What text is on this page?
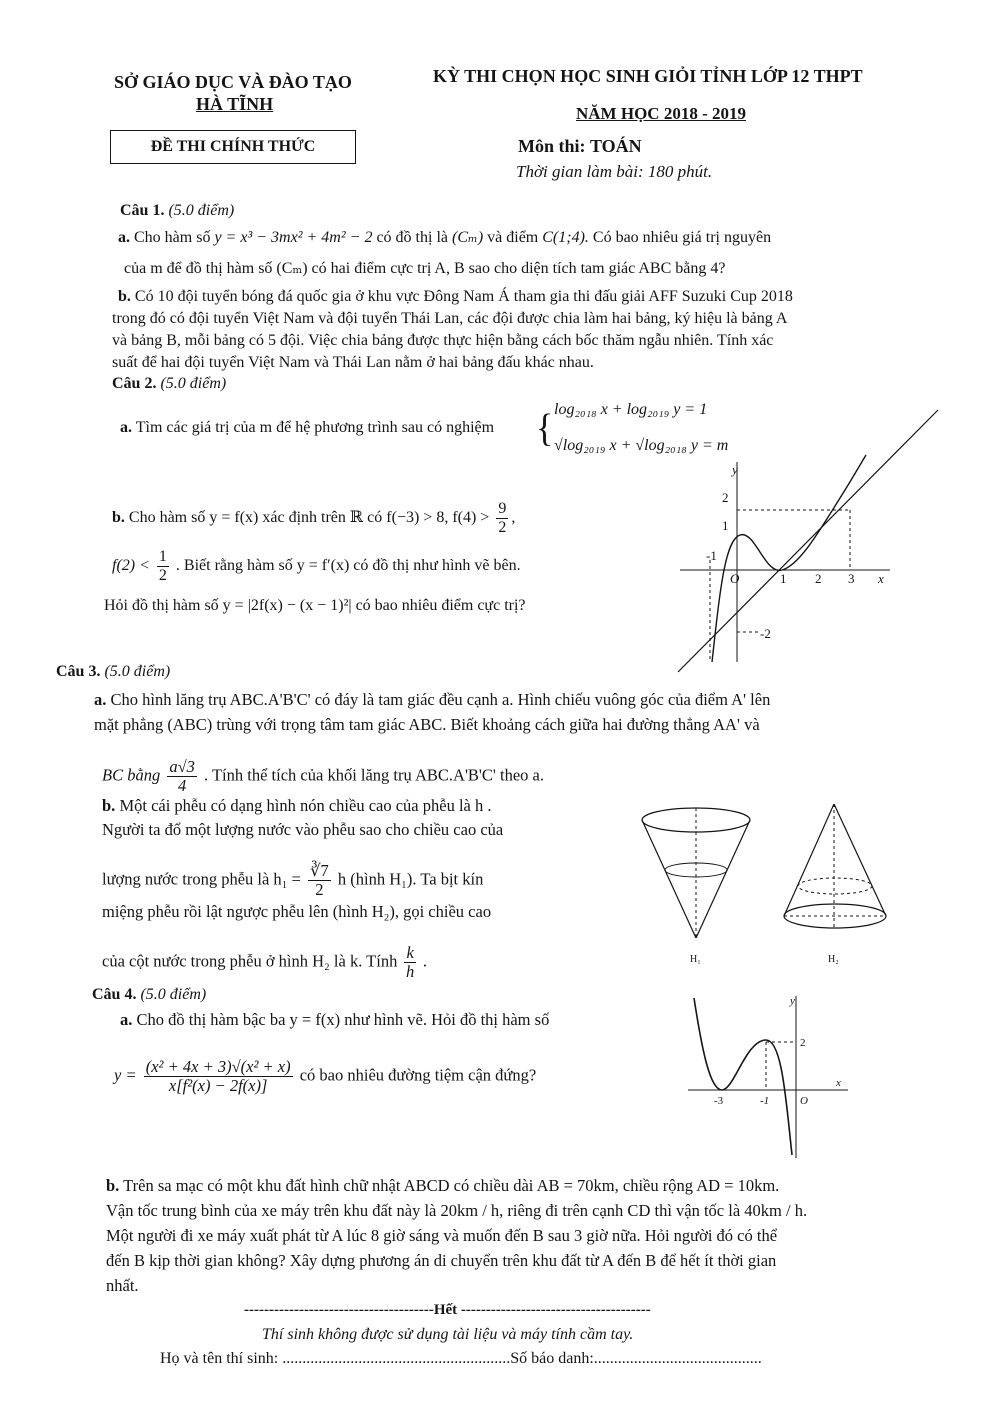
SỞ GIÁO DỤC VÀ ĐÀO TẠO
HÀ TĨNH
ĐỀ THI CHÍNH THỨC
KỲ THI CHỌN HỌC SINH GIỎI TỈNH LỚP 12 THPT
NĂM HỌC 2018 - 2019
Môn thi: TOÁN
Thời gian làm bài: 180 phút.
Câu 1. (5.0 điểm)
a. Cho hàm số y = x³ − 3mx² + 4m² − 2 có đồ thị là (Cₘ) và điểm C(1;4). Có bao nhiêu giá trị nguyên
của m để đồ thị hàm số (Cₘ) có hai điểm cực trị A, B sao cho diện tích tam giác ABC bằng 4?
b. Có 10 đội tuyển bóng đá quốc gia ở khu vực Đông Nam Á tham gia thi đấu giải AFF Suzuki Cup 2018
trong đó có đội tuyển Việt Nam và đội tuyển Thái Lan, các đội được chia làm hai bảng, ký hiệu là bảng A
và bảng B, mỗi bảng có 5 đội. Việc chia bảng được thực hiện bằng cách bốc thăm ngẫu nhiên. Tính xác
suất để hai đội tuyển Việt Nam và Thái Lan nằm ở hai bảng đấu khác nhau.
Câu 2. (5.0 điểm)
a. Tìm các giá trị của m để hệ phương trình sau có nghiệm { log₂₀₁₈ x + log₂₀₁₉ y = 1
√log₂₀₁₉ x + √log₂₀₁₈ y = m
b. Cho hàm số y = f(x) xác định trên ℝ có f(−3) > 8, $f(4) > \frac{9}{2}$ ,
$f(2) < \frac{1}{2}$ . Biết rằng hàm số y = f′(x) có đồ thị như hình vẽ bên.
Hỏi đồ thị hàm số y = |2f(x) − (x − 1)²| có bao nhiêu điểm cực trị?
y
x
O
-1
1 2 3
2
1
-2
Câu 3. (5.0 điểm)
a. Cho hình lăng trụ ABC.A'B'C' có đáy là tam giác đều cạnh a. Hình chiếu vuông góc của điểm A' lên
mặt phẳng (ABC) trùng với trọng tâm tam giác ABC. Biết khoảng cách giữa hai đường thẳng AA' và
BC bằng $\frac{a√3}{4}$ . Tính thể tích của khối lăng trụ ABC.A'B'C' theo a.
b. Một cái phễu có dạng hình nón chiều cao của phễu là h .
Người ta đổ một lượng nước vào phễu sao cho chiều cao của
lượng nước trong phễu là $h_1 = \frac{∛7}{2}$ h (hình H₁). Ta bịt kín
miệng phễu rồi lật ngược phễu lên (hình H₂), gọi chiều cao
của cột nước trong phễu ở hình H₂ là k. Tính $\frac{k}{h}$ .	H₁	H₂
Câu 4. (5.0 điểm)
a. Cho đồ thị hàm bậc ba y = f(x) như hình vẽ. Hỏi đồ thị hàm số
$y = \frac{\text{(x² + 4x + 3)√(x² + x)}}{\text{x[f²(x) − 2f(x)]}}$ có bao nhiêu đường tiệm cận đứng?
y
x
O
-3	-1
2
b. Trên sa mạc có một khu đất hình chữ nhật ABCD có chiều dài AB = 70km, chiều rộng AD = 10km.
Vận tốc trung bình của xe máy trên khu đất này là 20km / h, riêng đi trên cạnh CD thì vận tốc là 40km / h.
Một người đi xe máy xuất phát từ A lúc 8 giờ sáng và muốn đến B sau 3 giờ nữa. Hỏi người đó có thể
đến B kịp thời gian không? Xây dựng phương án di chuyển trên khu đất từ A đến B để hết ít thời gian
nhất.
--------------------------------------Hết --------------------------------------
Thí sinh không được sử dụng tài liệu và máy tính cầm tay.
Họ và tên thí sinh: .........................................................Số báo danh:..........................................
